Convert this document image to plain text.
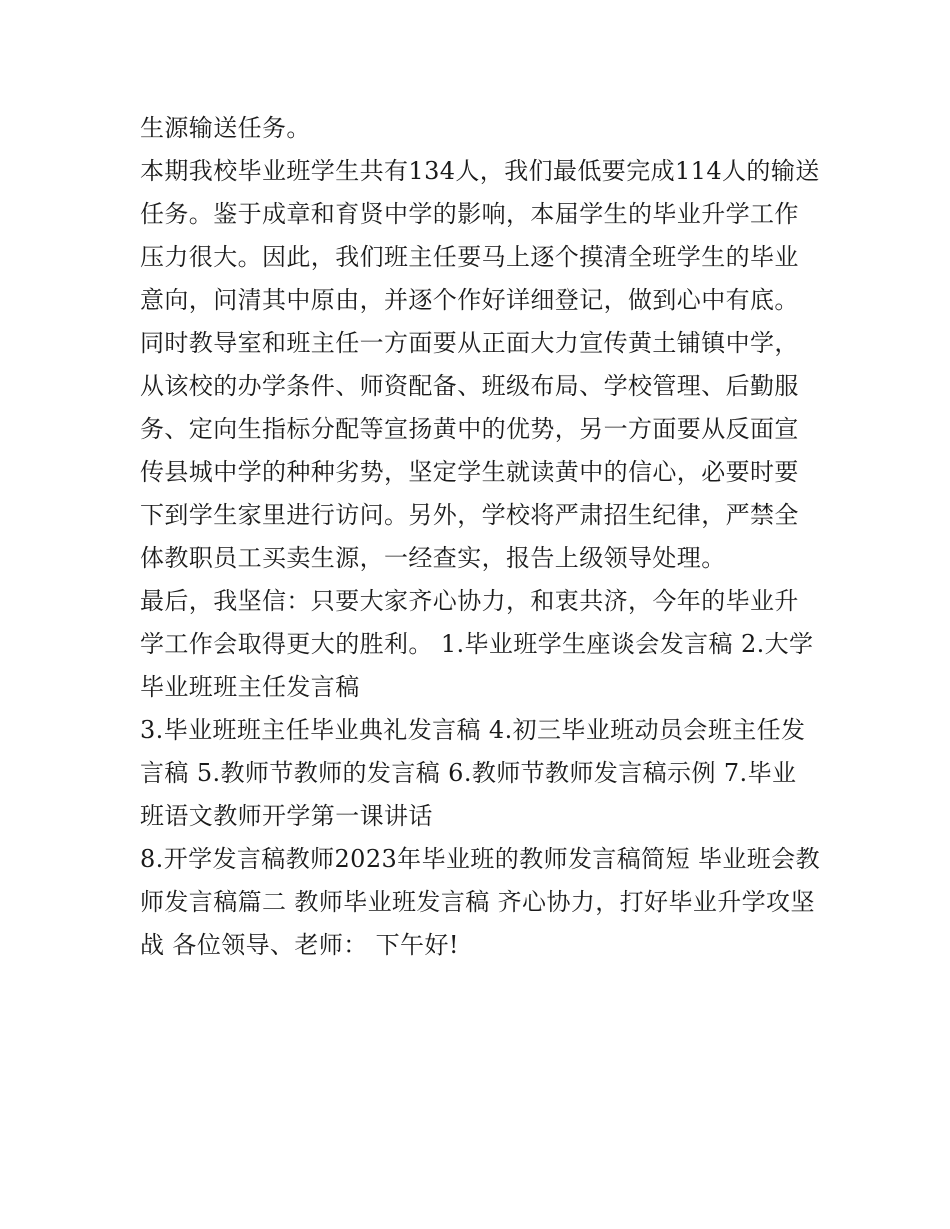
生源输送任务。

本期我校毕业班学生共有134人，我们最低要完成114人的输送任务。鉴于成章和育贤中学的影响，本届学生的毕业升学工作压力很大。因此，我们班主任要马上逐个摸清全班学生的毕业意向，问清其中原由，并逐个作好详细登记，做到心中有底。同时教导室和班主任一方面要从正面大力宣传黄土铺镇中学，从该校的办学条件、师资配备、班级布局、学校管理、后勤服务、定向生指标分配等宣扬黄中的优势，另一方面要从反面宣传县城中学的种种劣势，坚定学生就读黄中的信心，必要时要下到学生家里进行访问。另外，学校将严肃招生纪律，严禁全体教职员工买卖生源，一经查实，报告上级领导处理。

最后，我坚信：只要大家齐心协力，和衷共济，今年的毕业升学工作会取得更大的胜利。 1.毕业班学生座谈会发言稿 2.大学毕业班班主任发言稿

3.毕业班班主任毕业典礼发言稿 4.初三毕业班动员会班主任发言稿 5.教师节教师的发言稿 6.教师节教师发言稿示例 7.毕业班语文教师开学第一课讲话

8.开学发言稿教师2023年毕业班的教师发言稿简短 毕业班会教师发言稿篇二 教师毕业班发言稿 齐心协力，打好毕业升学攻坚战 各位领导、老师： 下午好!
